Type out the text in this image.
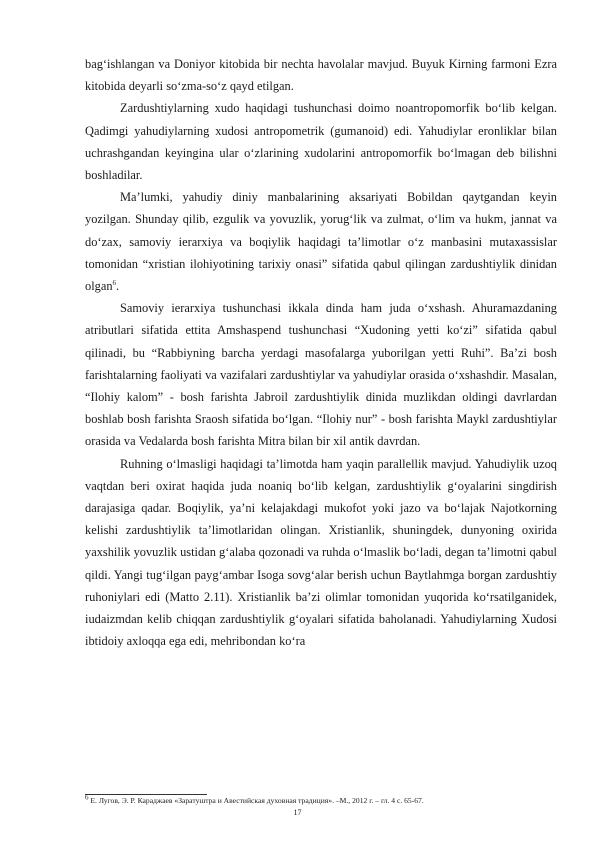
bag‘ishlangan va Doniyor kitobida bir nechta havolalar mavjud. Buyuk Kirning farmoni Ezra kitobida deyarli so‘zma-so‘z qayd etilgan.

Zardushtiylarning xudo haqidagi tushunchasi doimo noantropomorfik bo‘lib kelgan. Qadimgi yahudiylarning xudosi antropometrik (gumanoid) edi. Yahudiylar eronliklar bilan uchrashgandan keyingina ular o‘zlarining xudolarini antropomorfik bo‘lmagan deb bilishni boshladilar.

Ma’lumki, yahudiy diniy manbalarining aksariyati Bobildan qaytgandan keyin yozilgan. Shunday qilib, ezgulik va yovuzlik, yorug‘lik va zulmat, o‘lim va hukm, jannat va do‘zax, samoviy ierarxiya va boqiylik haqidagi ta’limotlar o‘z manbasini mutaxassislar tomonidan “xristian ilohiyotining tarixiy onasi” sifatida qabul qilingan zardushtiylik dinidan olgan$^6$.

Samoviy ierarxiya tushunchasi ikkala dinda ham juda o‘xshash. Ahuramazdaning atributlari sifatida ettita Amshaspend tushunchasi “Xudoning yetti ko‘zi” sifatida qabul qilinadi, bu “Rabbiyning barcha yerdagi masofalarga yuborilgan yetti Ruhi”. Ba’zi bosh farishtalarning faoliyati va vazifalari zardushtiylar va yahudiylar orasida o‘xshashdir. Masalan, “Ilohiy kalom” - bosh farishta Jabroil zardushtiylik dinida muzlikdan oldingi davrlardan boshlab bosh farishta Sraosh sifatida bo‘lgan. “Ilohiy nur” - bosh farishta Maykl zardushtiylar orasida va Vedalarda bosh farishta Mitra bilan bir xil antik davrdan.

Ruhning o‘lmasligi haqidagi ta’limotda ham yaqin parallellik mavjud. Yahudiylik uzoq vaqtdan beri oxirat haqida juda noaniq bo‘lib kelgan, zardushtiylik g‘oyalarini singdirish darajasiga qadar. Boqiylik, ya’ni kelajakdagi mukofot yoki jazo va bo‘lajak Najotkorning kelishi zardushtiylik ta’limotlaridan olingan. Xristianlik, shuningdek, dunyoning oxirida yaxshilik yovuzlik ustidan g‘alaba qozonadi va ruhda o‘lmaslik bo‘ladi, degan ta’limotni qabul qildi. Yangi tug‘ilgan payg‘ambar Isoga sovg‘alar berish uchun Baytlahmga borgan zardushtiy ruhoniylari edi (Matto 2.11). Xristianlik ba’zi olimlar tomonidan yuqorida ko‘rsatilganidek, iudaizmdan kelib chiqqan zardushtiylik g‘oyalari sifatida baholanadi. Yahudiylarning Xudosi ibtidoiy axloqqa ega edi, mehribondan ko‘ra

$^6$ Е. Лугов, Э. Р. Караджаев «Заратуштра и Авестийская духовная традиция». –М., 2012 г. – гл. 4 с. 65-67.
17
